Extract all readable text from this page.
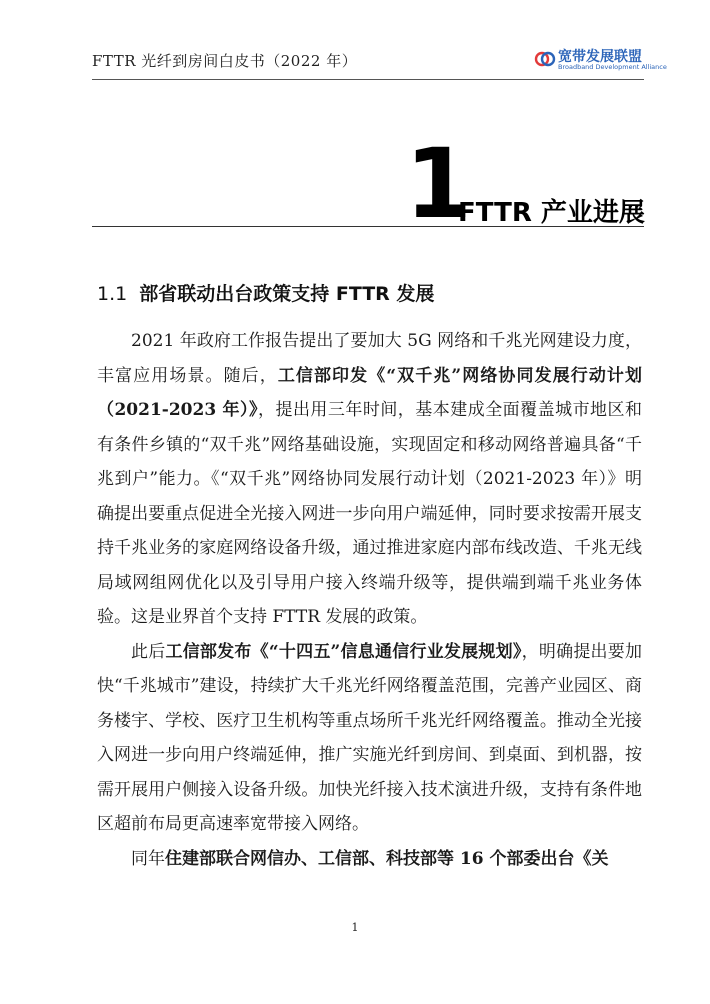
FTTR 光纤到房间白皮书（2022 年）	宽带发展联盟
Broadband Development Alliance
1
FTTR 产业进展
1.1 部省联动出台政策支持 FTTR 发展

2021 年政府工作报告提出了要加大 5G 网络和千兆光网建设力度，丰富应用场景。随后，工信部印发《“双千兆”网络协同发展行动计划（2021-2023 年）》，提出用三年时间，基本建成全面覆盖城市地区和有条件乡镇的“双千兆”网络基础设施，实现固定和移动网络普遍具备“千兆到户”能力。《“双千兆”网络协同发展行动计划（2021-2023 年）》明确提出要重点促进全光接入网进一步向用户端延伸，同时要求按需开展支持千兆业务的家庭网络设备升级，通过推进家庭内部布线改造、千兆无线局域网组网优化以及引导用户接入终端升级等，提供端到端千兆业务体验。这是业界首个支持 FTTR 发展的政策。

此后工信部发布《“十四五”信息通信行业发展规划》，明确提出要加快“千兆城市”建设，持续扩大千兆光纤网络覆盖范围，完善产业园区、商务楼宇、学校、医疗卫生机构等重点场所千兆光纤网络覆盖。推动全光接入网进一步向用户终端延伸，推广实施光纤到房间、到桌面、到机器，按需开展用户侧接入设备升级。加快光纤接入技术演进升级，支持有条件地区超前布局更高速率宽带接入网络。

同年住建部联合网信办、工信部、科技部等 16 个部委出台《关

1
